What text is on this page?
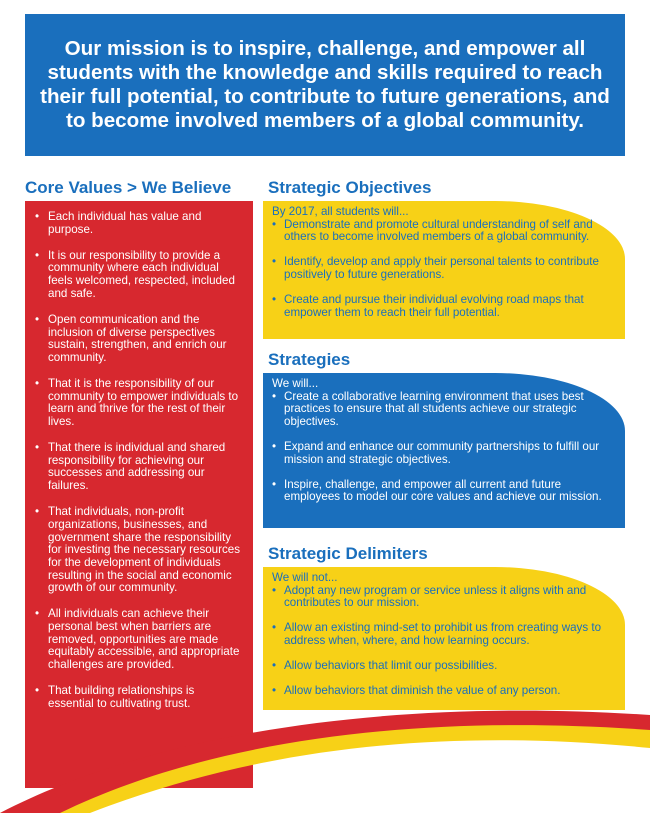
Our mission is to inspire, challenge, and empower all students with the knowledge and skills required to reach their full potential, to contribute to future generations, and to become involved members of a global community.

Core Values > We Believe
• Each individual has value and purpose.
• It is our responsibility to provide a community where each individual feels welcomed, respected, included and safe.
• Open communication and the inclusion of diverse perspectives sustain, strengthen, and enrich our community.
• That it is the responsibility of our community to empower individuals to learn and thrive for the rest of their lives.
• That there is individual and shared responsibility for achieving our successes and addressing our failures.
• That individuals, non-profit organizations, businesses, and government share the responsibility for investing the necessary resources for the development of individuals resulting in the social and economic growth of our community.
• All individuals can achieve their personal best when barriers are removed, opportunities are made equitably accessible, and appropriate challenges are provided.
• That building relationships is essential to cultivating trust.
Strategic Objectives
By 2017, all students will...
• Demonstrate and promote cultural understanding of self and others to become involved members of a global community.
• Identify, develop and apply their personal talents to contribute positively to future generations.
• Create and pursue their individual evolving road maps that empower them to reach their full potential.
Strategies
We will...
• Create a collaborative learning environment that uses best practices to ensure that all students achieve our strategic objectives.
• Expand and enhance our community partnerships to fulfill our mission and strategic objectives.
• Inspire, challenge, and empower all current and future employees to model our core values and achieve our mission.
Strategic Delimiters
We will not...
• Adopt any new program or service unless it aligns with and contributes to our mission.
• Allow an existing mind-set to prohibit us from creating ways to address when, where, and how learning occurs.
• Allow behaviors that limit our possibilities.
• Allow behaviors that diminish the value of any person.
